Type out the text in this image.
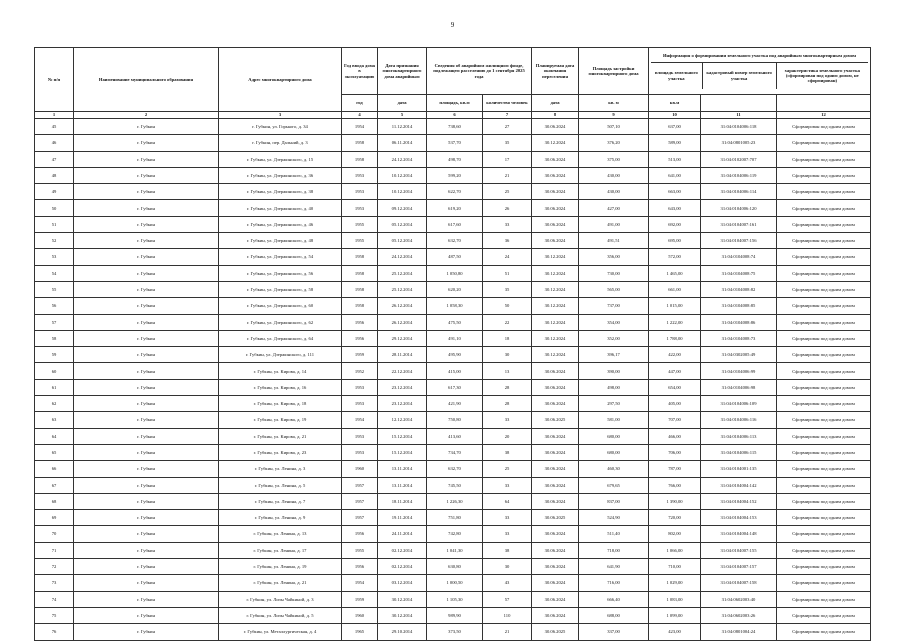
9
№ п/п	Наименование муниципального образования	Адрес многоквартирного дома	Год ввода дома в эксплуатацию	Дата признания многоквартирного дома аварийным	Сведения об аварийном жилищном фонде, подлежащем расселению до 1 сентября 2025 года	Планируемая дата окончания переселения	Площадь застройки многоквартирного дома	
Информация о формировании земельного участка под аварийным многоквартирным домом
площадь земельного участка	кадастровый номер земельного участка	характеристика земельного участка (сформирован под одним домом, не сформирован)

год	дата	площадь, кв.м	количество человек	дата	кв. м	кв.м		
1	2	3	4	5	6	7	8	9	10	11	12
45	г. Губкин	г. Губкин, ул. Горького, д. 34	1954	11.12.2014	738,60	27	30.06.2024	507,10	637,00	31:04:0104006:118	Сформирован под одним домом
46	г. Губкин	г. Губкин, пер. Дальний, д. 3	1958	06.11.2014	537,70	35	30.12.2024	376,20	589,00	31:04:0801005:23	Сформирован под одним домом
47	г. Губкин	г. Губкин, ул. Дзержинского, д. 15	1958	24.12.2014	498,70	17	30.06.2024	375,00	513,00	31:04:0102007:707	Сформирован под одним домом
48	г. Губкин	г. Губкин, ул. Дзержинского, д. 36	1953	10.12.2014	599,20	21	30.06.2024	430,00	641,00	31:04:0104006:119	Сформирован под одним домом
49	г. Губкин	г. Губкин, ул. Дзержинского, д. 38	1953	10.12.2014	622,70	25	30.06.2024	430,00	663,00	31:04:0104006:114	Сформирован под одним домом
50	г. Губкин	г. Губкин, ул. Дзержинского, д. 40	1953	09.12.2014	619,20	26	30.06.2024	427,00	643,00	31:04:0104006:120	Сформирован под одним домом
51	г. Губкин	г. Губкин, ул. Дзержинского, д. 46	1955	05.12.2014	617,60	33	30.06.2024	491,00	692,00	31:04:0104007:161	Сформирован под одним домом
52	г. Губкин	г. Губкин, ул. Дзержинского, д. 48	1955	05.12.2014	632,70	36	30.06.2024	491,51	695,00	31:04:0104007:156	Сформирован под одним домом
53	г. Губкин	г. Губкин, ул. Дзержинского, д. 54	1958	24.12.2014	487,50	24	30.12.2024	356,00	572,00	31:04:0104008:74	Сформирован под одним домом
54	г. Губкин	г. Губкин, ул. Дзержинского, д. 56	1958	25.12.2014	1 050,80	51	30.12.2024	730,00	1 465,00	31:04:0104008:75	Сформирован под одним домом
55	г. Губкин	г. Губкин, ул. Дзержинского, д. 58	1958	25.12.2014	620,20	35	30.12.2024	565,00	661,00	31:04:0104008:82	Сформирован под одним домом
56	г. Губкин	г. Губкин, ул. Дзержинского, д. 60	1958	26.12.2014	1 058,30	50	30.12.2024	737,00	1 015,00	31:04:0104008:85	Сформирован под одним домом
57	г. Губкин	г. Губкин, ул. Дзержинского, д. 62	1956	26.12.2014	475,50	22	30.12.2024	354,00	1 222,00	31:04:0104008:86	Сформирован под одним домом
58	г. Губкин	г. Губкин, ул. Дзержинского, д. 64	1956	29.12.2014	491,10	18	30.12.2024	352,00	1 788,00	31:04:0104008:73	Сформирован под одним домом
59	г. Губкин	г. Губкин, ул. Дзержинского, д. 111	1959	28.11.2014	495,90	30	30.12.2024	396,17	422,00	31:04:0302005:49	Сформирован под одним домом
60	г. Губкин	г. Губкин, ул. Кирова, д. 14	1952	22.12.2014	415,00	13	30.06.2024	390,00	447,00	31:04:0104006:99	Сформирован под одним домом
61	г. Губкин	г. Губкин, ул. Кирова, д. 16	1953	23.12.2014	617,30	28	30.06.2024	498,00	654,00	31:04:0104006:98	Сформирован под одним домом
62	г. Губкин	г. Губкин, ул. Кирова, д. 18	1953	23.12.2014	421,90	28	30.06.2024	297,50	405,00	31:04:0104006:109	Сформирован под одним домом
63	г. Губкин	г. Губкин, ул. Кирова, д. 19	1954	12.12.2014	750,80	33	30.06.2025	581,00	707,00	31:04:0104006:116	Сформирован под одним домом
64	г. Губкин	г. Губкин, ул. Кирова, д. 21	1953	15.12.2014	413,60	20	30.06.2024	680,00	466,00	31:04:0104006:113	Сформирован под одним домом
65	г. Губкин	г. Губкин, ул. Кирова, д. 23	1953	15.12.2014	734,70	38	30.06.2024	680,00	706,00	31:04:0104006:115	Сформирован под одним домом
66	г. Губкин	г. Губкин, ул. Ленина, д. 3	1960	13.11.2014	632,70	25	30.06.2024	460,30	787,00	31:04:0104001:135	Сформирован под одним домом
67	г. Губкин	г. Губкин, ул. Ленина, д. 5	1957	13.11.2014	745,50	33	30.06.2024	679,65	766,00	31:04:0104004:142	Сформирован под одним домом
68	г. Губкин	г. Губкин, ул. Ленина, д. 7	1957	18.11.2014	1 226,30	64	30.06.2024	837,00	1 390,00	31:04:0104004:152	Сформирован под одним домом
69	г. Губкин	г. Губкин, ул. Ленина, д. 9	1957	19.11.2014	751,80	33	30.06.2025	524,90	720,00	31:04:0104004:153	Сформирован под одним домом
70	г. Губкин	г. Губкин, ул. Ленина, д. 13	1956	24.11.2014	742,80	33	30.06.2024	511,40	802,00	31:04:0104004:148	Сформирован под одним домом
71	г. Губкин	г. Губкин, ул. Ленина, д. 17	1955	02.12.2014	1 041,30	38	30.06.2024	718,00	1 066,00	31:04:0104007:155	Сформирован под одним домом
72	г. Губкин	г. Губкин, ул. Ленина, д. 19	1956	02.12.2014	630,80	30	30.06.2024	641,90	710,00	31:04:0104007:157	Сформирован под одним домом
73	г. Губкин	г. Губкин, ул. Ленина, д. 21	1954	03.12.2014	1 000,50	43	30.06.2024	716,00	1 029,00	31:04:0104007:158	Сформирован под одним домом
74	г. Губкин	г. Губкин, ул. Лизы Чайкиной, д. 3	1959	30.12.2014	1 105,30	57	30.06.2024	666,40	1 083,00	31:04:0602003:40	Сформирован под одним домом
75	г. Губкин	г. Губкин, ул. Лизы Чайкиной, д. 5	1960	30.12.2014	989,90	110	30.06.2024	688,00	1 099,00	31:04:0602003:26	Сформирован под одним домом
76	г. Губкин	г. Губкин, ул. Металлургическая, д. 4	1965	29.10.2014	373,50	21	30.06.2025	337,00	423,00	31:04:0801004:24	Сформирован под одним домом
